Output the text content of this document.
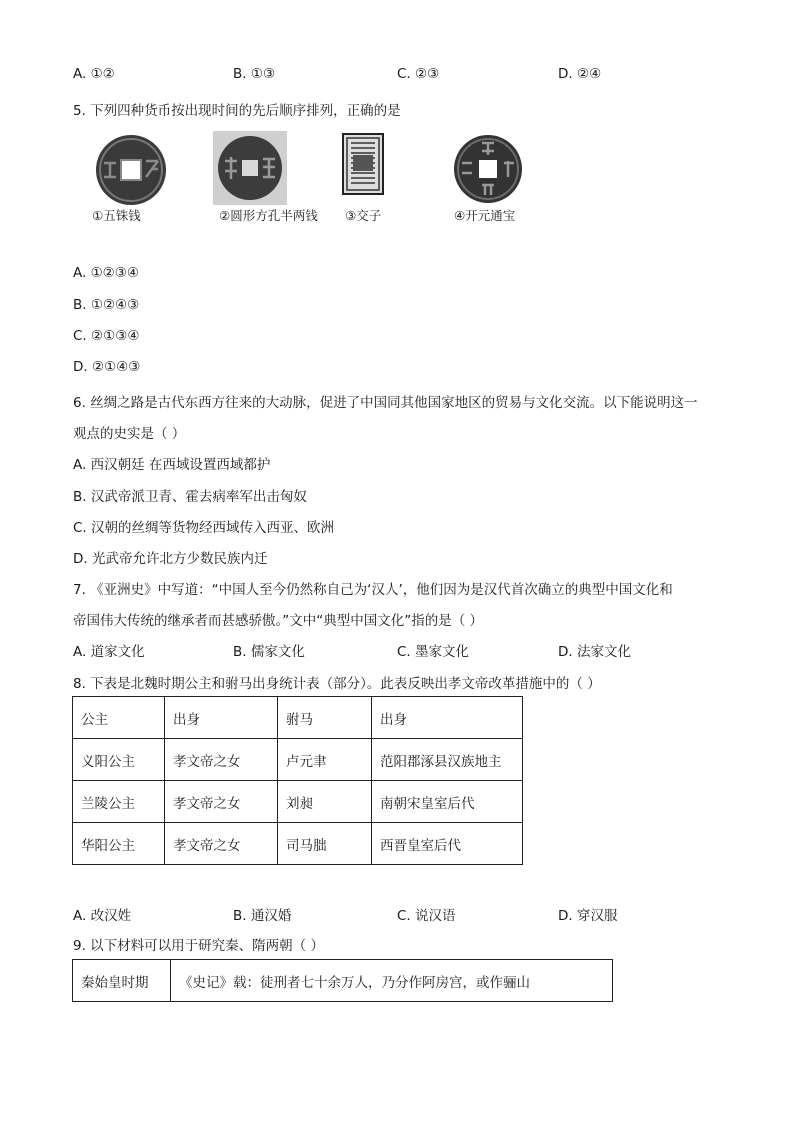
A. ①②	B. ①③	C. ②③	D. ②④
5. 下列四种货币按出现时间的先后顺序排列，正确的是
①五铢钱	②圆形方孔半两钱 ③交子	④开元通宝
A. ①②③④
B. ①②④③
C. ②①③④
D. ②①④③
6. 丝绸之路是古代东西方往来的大动脉，促进了中国同其他国家地区的贸易与文化交流。以下能说明这一
观点的史实是（ ）
A. 西汉朝廷 在西域设置西域都护
B. 汉武帝派卫青、霍去病率军出击匈奴
C. 汉朝的丝绸等货物经西域传入西亚、欧洲
D. 光武帝允许北方少数民族内迁
7. 《亚洲史》中写道：“中国人至今仍然称自己为‘汉人’，他们因为是汉代首次确立的典型中国文化和
帝国伟大传统的继承者而甚感骄傲。”文中“典型中国文化”指的是（ ）
A. 道家文化	B. 儒家文化	C. 墨家文化	D. 法家文化
8. 下表是北魏时期公主和驸马出身统计表（部分）。此表反映出孝文帝改革措施中的（ ）
公主	出身	驸马	出身
义阳公主	孝文帝之女	卢元聿	范阳郡涿县汉族地主
兰陵公主	孝文帝之女	刘昶	南朝宋皇室后代
华阳公主	孝文帝之女	司马朏	西晋皇室后代
A. 改汉姓	B. 通汉婚	C. 说汉语	D. 穿汉服
9. 以下材料可以用于研究秦、隋两朝（ ）
秦始皇时期	《史记》载：徒刑者七十余万人，乃分作阿房宫，或作骊山
